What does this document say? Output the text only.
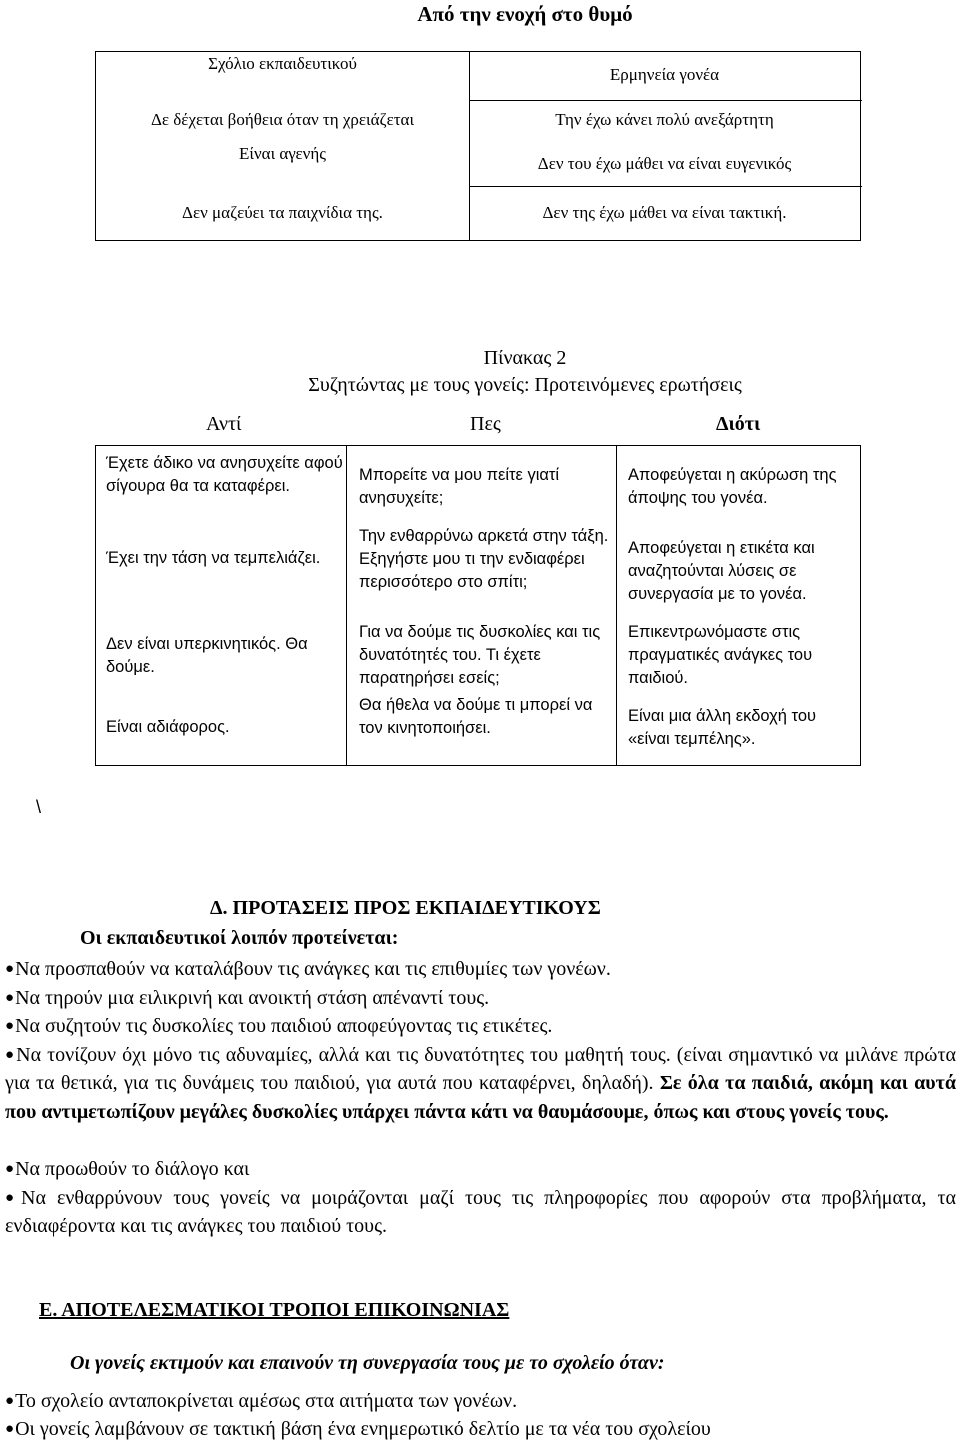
Από την ενοχή στο θυμό
Σχόλιο εκπαιδευτικού
Δε δέχεται βοήθεια όταν τη χρειάζεται
Είναι αγενής
Δεν μαζεύει τα παιχνίδια της.
Ερμηνεία γονέα
Την έχω κάνει πολύ ανεξάρτητη
Δεν του έχω μάθει να είναι ευγενικός
Δεν της έχω μάθει να είναι τακτική.
Πίνακας 2
Συζητώντας με τους γονείς: Προτεινόμενες ερωτήσεις
Αντί	Πες	Διότι
Έχετε άδικο να ανησυχείτε αφού σίγουρα θα τα καταφέρει.
Έχει την τάση να τεμπελιάζει.
Δεν είναι υπερκινητικός. Θα δούμε.
Είναι αδιάφορος.
Μπορείτε να μου πείτε γιατί ανησυχείτε;
Την ενθαρρύνω αρκετά στην τάξη. Εξηγήστε μου τι την ενδιαφέρει περισσότερο στο σπίτι;
Για να δούμε τις δυσκολίες και τις δυνατότητές του. Τι έχετε παρατηρήσει εσείς;
Θα ήθελα να δούμε τι μπορεί να τον κινητοποιήσει.
Αποφεύγεται η ακύρωση της άποψης του γονέα.
Αποφεύγεται η ετικέτα και αναζητούνται λύσεις σε συνεργασία με το γονέα.
Επικεντρωνόμαστε στις πραγματικές ανάγκες του παιδιού.
Είναι μια άλλη εκδοχή του «είναι τεμπέλης».
\
Δ. ΠΡΟΤΑΣΕΙΣ ΠΡΟΣ ΕΚΠΑΙΔΕΥΤΙΚΟΥΣ
Οι εκπαιδευτικοί λοιπόν προτείνεται:
●Να προσπαθούν να καταλάβουν τις ανάγκες και τις επιθυμίες των γονέων.
●Να τηρούν μια ειλικρινή και ανοικτή στάση απέναντί τους.
●Να συζητούν τις δυσκολίες του παιδιού αποφεύγοντας τις ετικέτες.
●Να τονίζουν όχι μόνο τις αδυναμίες, αλλά και τις δυνατότητες του μαθητή τους. (είναι σημαντικό να μιλάνε πρώτα για τα θετικά, για τις δυνάμεις του παιδιού, για αυτά που καταφέρνει, δηλαδή). Σε όλα τα παιδιά, ακόμη και αυτά που αντιμετωπίζουν μεγάλες δυσκολίες υπάρχει πάντα κάτι να θαυμάσουμε, όπως και στους γονείς τους.
●Να προωθούν το διάλογο και
●Να ενθαρρύνουν τους γονείς να μοιράζονται μαζί τους τις πληροφορίες που αφορούν στα προβλήματα, τα ενδιαφέροντα και τις ανάγκες του παιδιού τους.
Ε. ΑΠΟΤΕΛΕΣΜΑΤΙΚΟΙ ΤΡΟΠΟΙ ΕΠΙΚΟΙΝΩΝΙΑΣ
Οι γονείς εκτιμούν και επαινούν τη συνεργασία τους με το σχολείο όταν:
●Το σχολείο ανταποκρίνεται αμέσως στα αιτήματα των γονέων.
●Οι γονείς λαμβάνουν σε τακτική βάση ένα ενημερωτικό δελτίο με τα νέα του σχολείου
